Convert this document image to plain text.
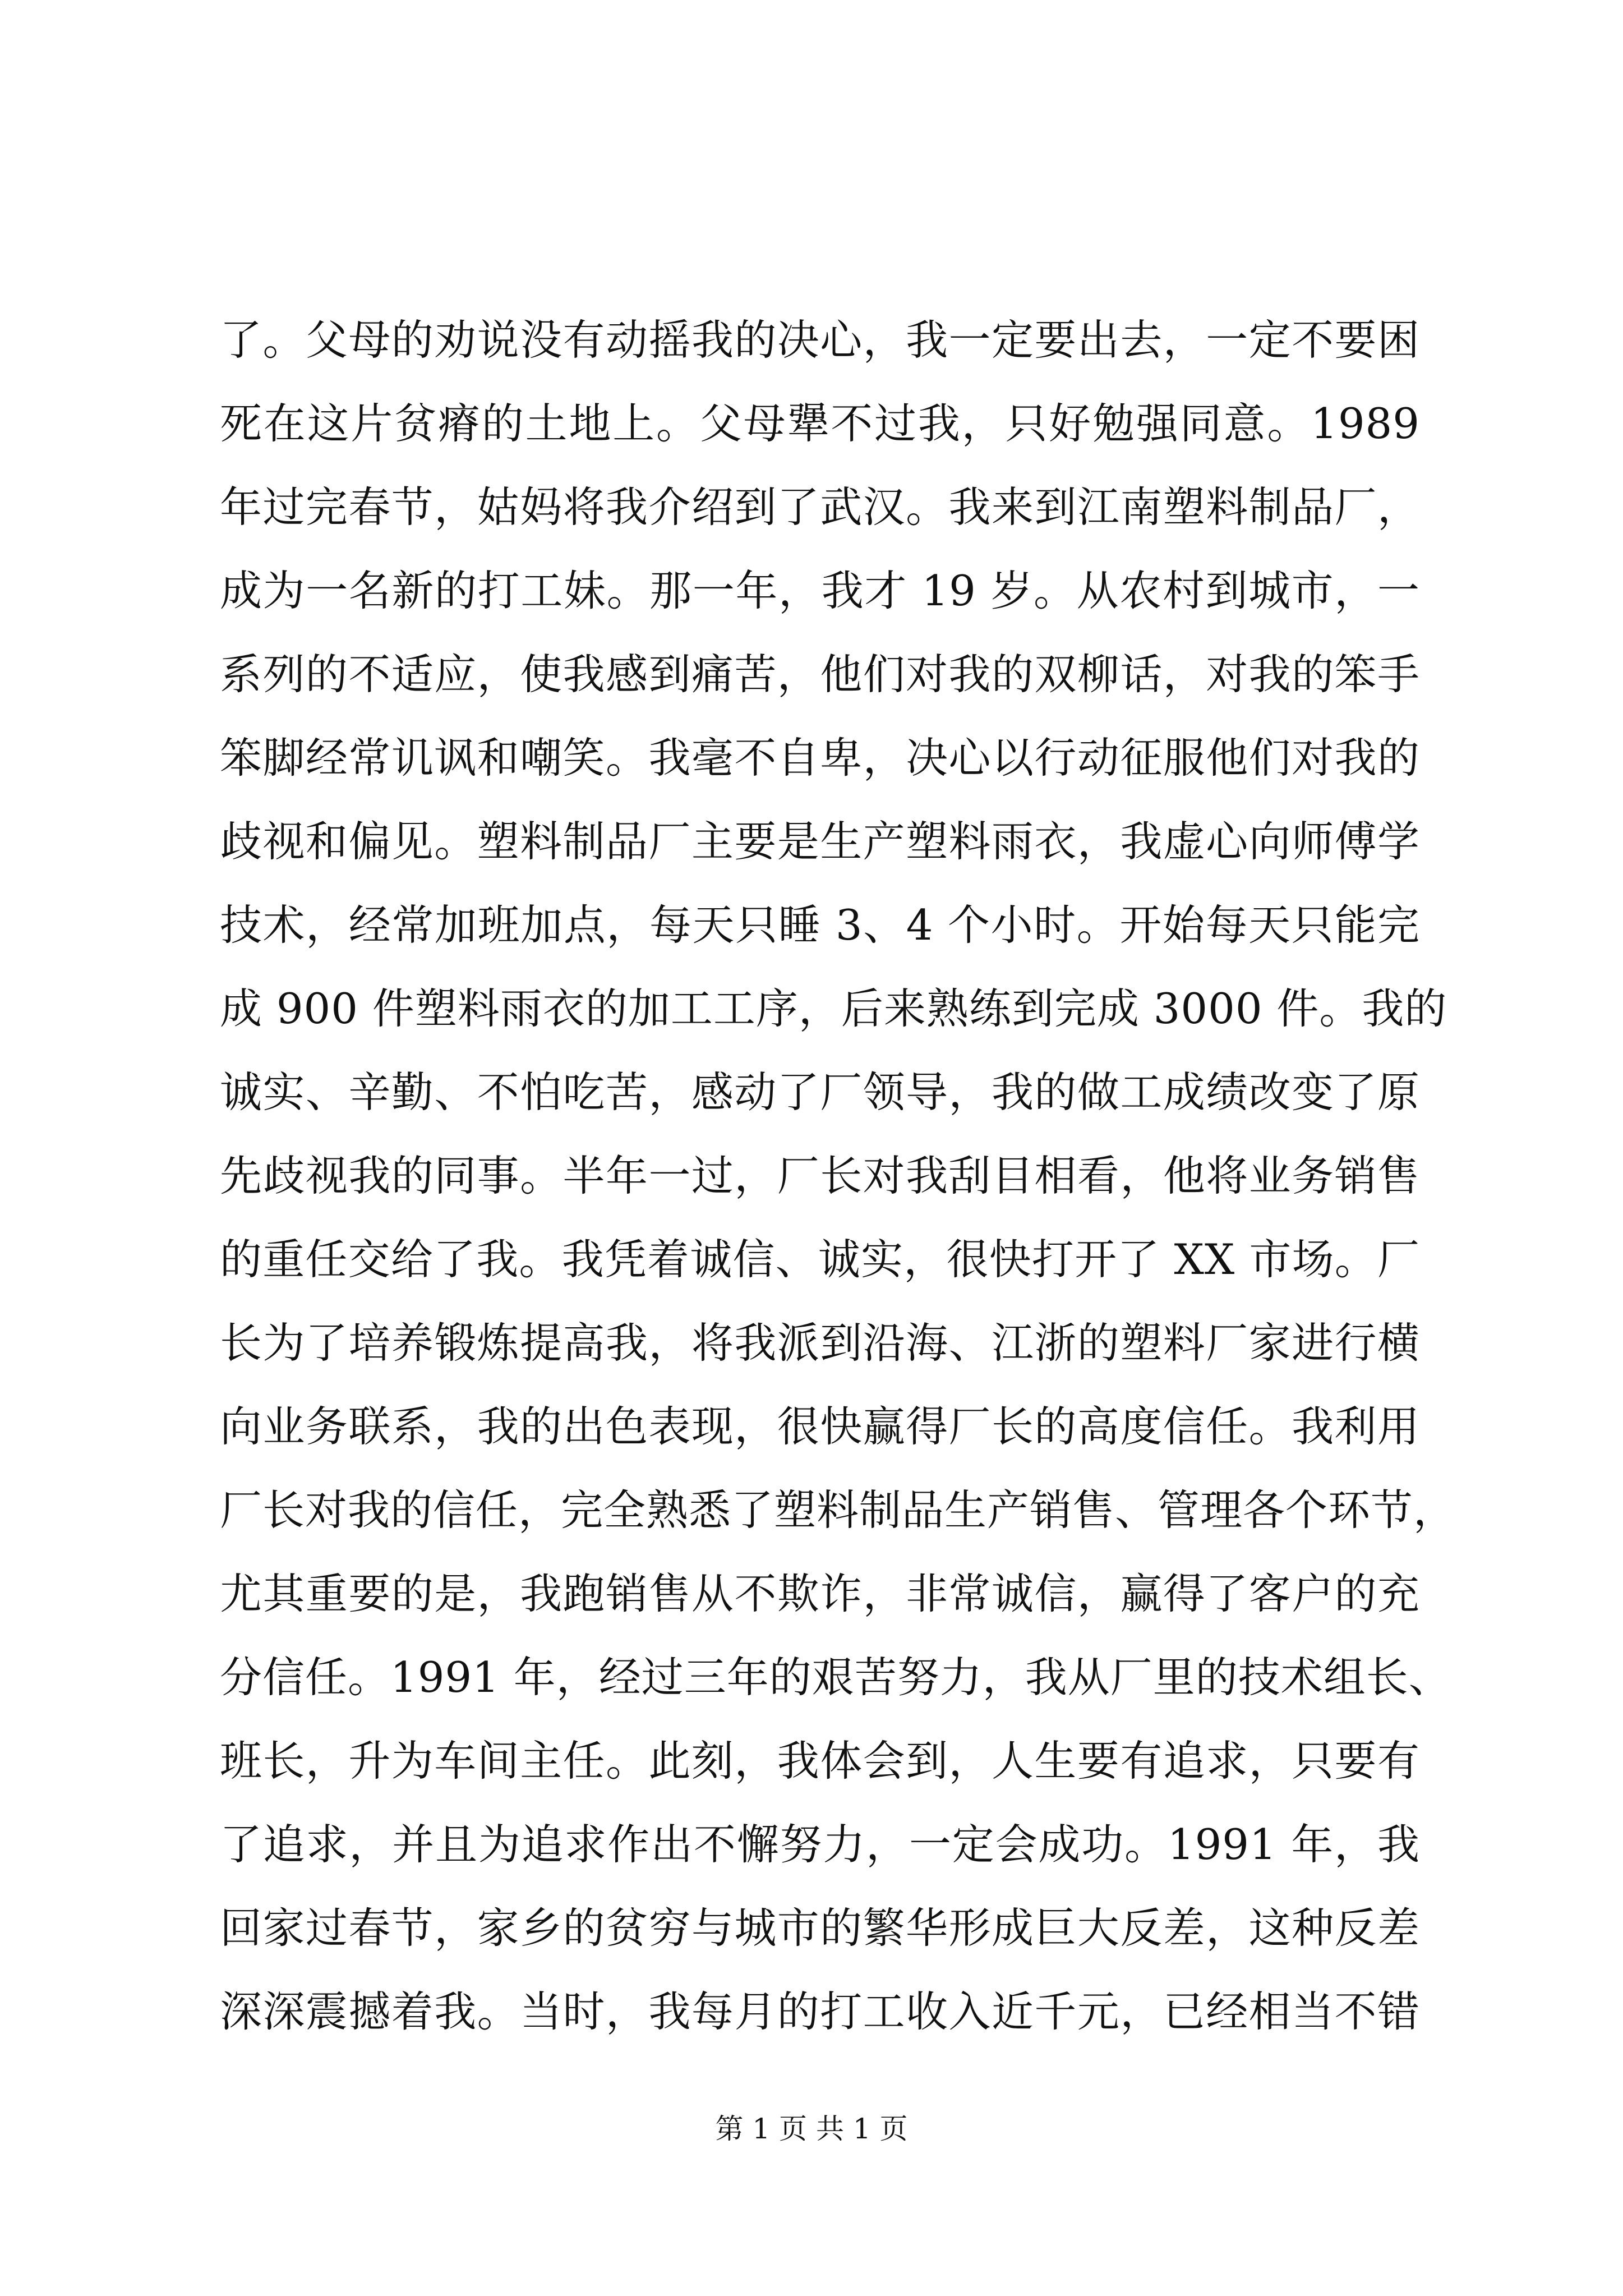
了。父母的劝说没有动摇我的决心，我一定要出去，一定不要困
死在这片贫瘠的土地上。父母犟不过我，只好勉强同意。1989
年过完春节，姑妈将我介绍到了武汉。我来到江南塑料制品厂，
成为一名新的打工妹。那一年，我才 19 岁。从农村到城市，一
系列的不适应，使我感到痛苦，他们对我的双柳话，对我的笨手
笨脚经常讥讽和嘲笑。我毫不自卑，决心以行动征服他们对我的
歧视和偏见。塑料制品厂主要是生产塑料雨衣，我虚心向师傅学
技术，经常加班加点，每天只睡 3、4 个小时。开始每天只能完
成 900 件塑料雨衣的加工工序，后来熟练到完成 3000 件。我的
诚实、辛勤、不怕吃苦，感动了厂领导，我的做工成绩改变了原
先歧视我的同事。半年一过，厂长对我刮目相看，他将业务销售
的重任交给了我。我凭着诚信、诚实，很快打开了 XX 市场。厂
长为了培养锻炼提高我，将我派到沿海、江浙的塑料厂家进行横
向业务联系，我的出色表现，很快赢得厂长的高度信任。我利用
厂长对我的信任，完全熟悉了塑料制品生产销售、管理各个环节，
尤其重要的是，我跑销售从不欺诈，非常诚信，赢得了客户的充
分信任。1991 年，经过三年的艰苦努力，我从厂里的技术组长、
班长，升为车间主任。此刻，我体会到，人生要有追求，只要有
了追求，并且为追求作出不懈努力，一定会成功。1991 年，我
回家过春节，家乡的贫穷与城市的繁华形成巨大反差，这种反差
深深震撼着我。当时，我每月的打工收入近千元，已经相当不错
第 1 页 共 1 页
